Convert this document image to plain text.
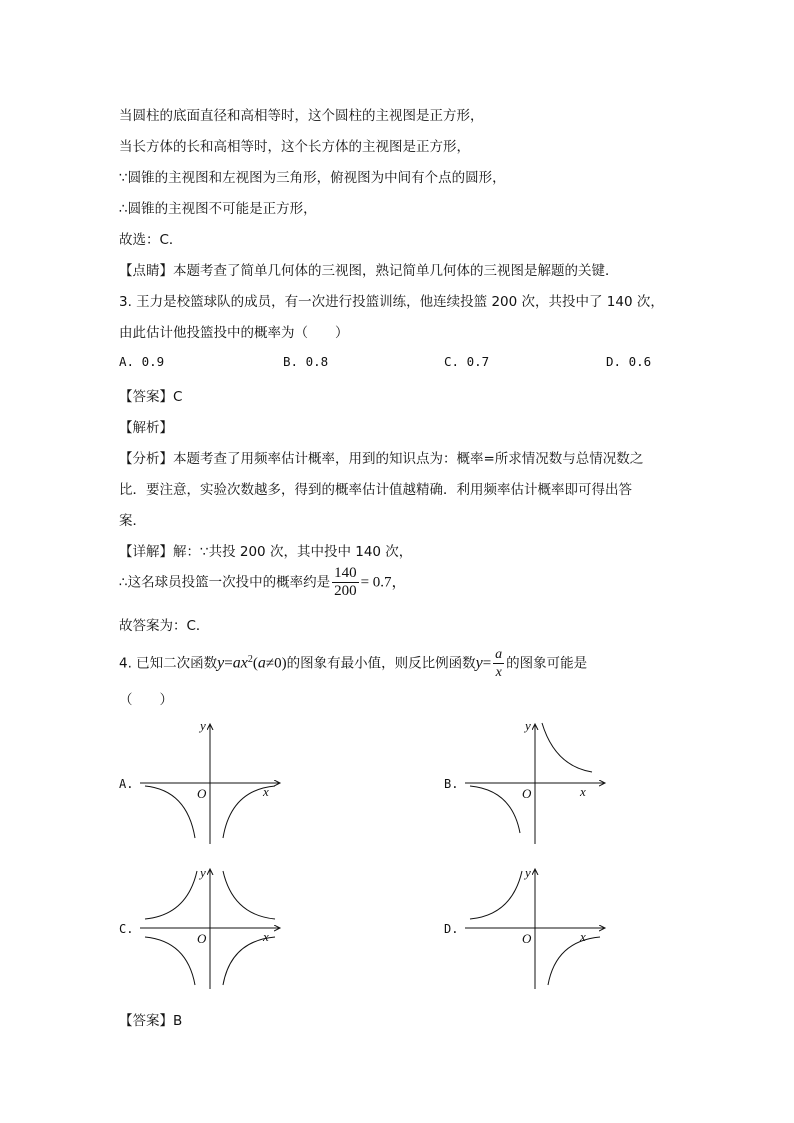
当圆柱的底面直径和高相等时，这个圆柱的主视图是正方形，
当长方体的长和高相等时，这个长方体的主视图是正方形，
∵圆锥的主视图和左视图为三角形，俯视图为中间有个点的圆形，
∴圆锥的主视图不可能是正方形，
故选：C．
【点睛】本题考查了简单几何体的三视图，熟记简单几何体的三视图是解题的关键．
3. 王力是校篮球队的成员，有一次进行投篮训练，他连续投篮 200 次，共投中了 140 次，
由此估计他投篮投中的概率为（　　）
A. 0.9	B. 0.8	C. 0.7	D. 0.6
【答案】C
【解析】
【分析】本题考查了用频率估计概率，用到的知识点为：概率=所求情况数与总情况数之
比．要注意，实验次数越多，得到的概率估计值越精确．利用频率估计概率即可得出答
案．
【详解】解：∵共投 200 次，其中投中 140 次，
∴这名球员投篮一次投中的概率约是 $\frac{140}{200} = 0.7$，
故答案为：C．
4. 已知二次函数$y=ax^2(a\ne 0)$的图象有最小值，则反比例函数$y= \frac{a}{x}$ 的图象可能是
（　　）
A.	B.
C.	D.
y
x
O
y
x
O
y
x
O
y
x
O
【答案】B
